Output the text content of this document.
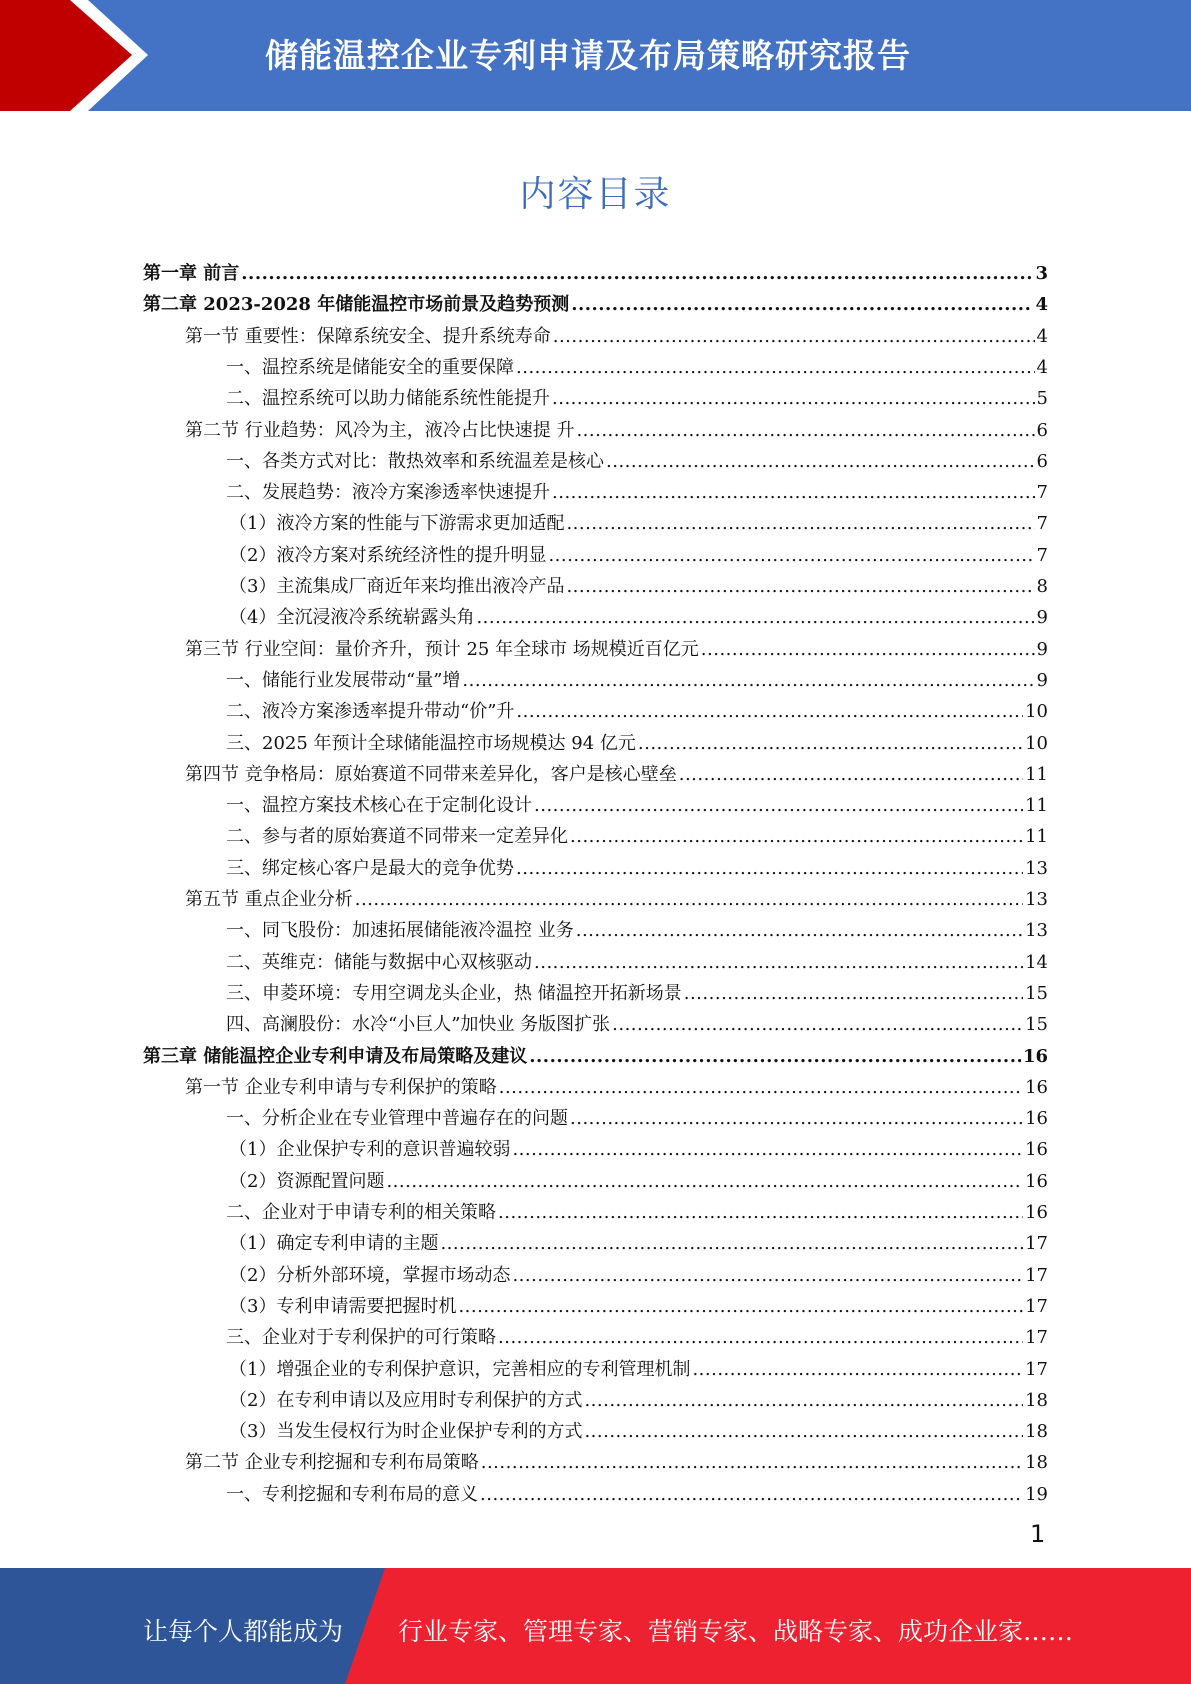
储能温控企业专利申请及布局策略研究报告
内容目录
第一章 前言 .....	3
第二章 2023-2028 年储能温控市场前景及趋势预测 .....	4
第一节 重要性：保障系统安全、提升系统寿命 .....	4
一、温控系统是储能安全的重要保障 .....	4
二、温控系统可以助力储能系统性能提升 .....	5
第二节 行业趋势：风冷为主，液冷占比快速提 升 .....	6
一、各类方式对比：散热效率和系统温差是核心 .....	6
二、发展趋势：液冷方案渗透率快速提升 .....	7
（1）液冷方案的性能与下游需求更加适配 .....	7
（2）液冷方案对系统经济性的提升明显 .....	7
（3）主流集成厂商近年来均推出液冷产品 .....	8
（4）全沉浸液冷系统崭露头角 .....	9
第三节 行业空间：量价齐升，预计 25 年全球市 场规模近百亿元 .....	9
一、储能行业发展带动“量”增 .....	9
二、液冷方案渗透率提升带动“价”升 .....	10
三、2025 年预计全球储能温控市场规模达 94 亿元 .....	10
第四节 竞争格局：原始赛道不同带来差异化，客户是核心壁垒 .....	11
一、温控方案技术核心在于定制化设计 .....	11
二、参与者的原始赛道不同带来一定差异化 .....	11
三、绑定核心客户是最大的竞争优势 .....	13
第五节 重点企业分析 .....	13
一、同飞股份：加速拓展储能液冷温控 业务 .....	13
二、英维克：储能与数据中心双核驱动 .....	14
三、申菱环境：专用空调龙头企业，热 储温控开拓新场景 .....	15
四、高澜股份：水冷“小巨人”加快业 务版图扩张 .....	15
第三章 储能温控企业专利申请及布局策略及建议 .....	16
第一节 企业专利申请与专利保护的策略 .....	16
一、分析企业在专业管理中普遍存在的问题 .....	16
（1）企业保护专利的意识普遍较弱 .....	16
（2）资源配置问题 .....	16
二、企业对于申请专利的相关策略 .....	16
（1）确定专利申请的主题 .....	17
（2）分析外部环境，掌握市场动态 .....	17
（3）专利申请需要把握时机 .....	17
三、企业对于专利保护的可行策略 .....	17
（1）增强企业的专利保护意识，完善相应的专利管理机制 .....	17
（2）在专利申请以及应用时专利保护的方式 .....	18
（3）当发生侵权行为时企业保护专利的方式 .....	18
第二节 企业专利挖掘和专利布局策略 .....	18
一、专利挖掘和专利布局的意义 .....	19
1
让每个人都能成为 行业专家、管理专家、营销专家、战略专家、成功企业家……
